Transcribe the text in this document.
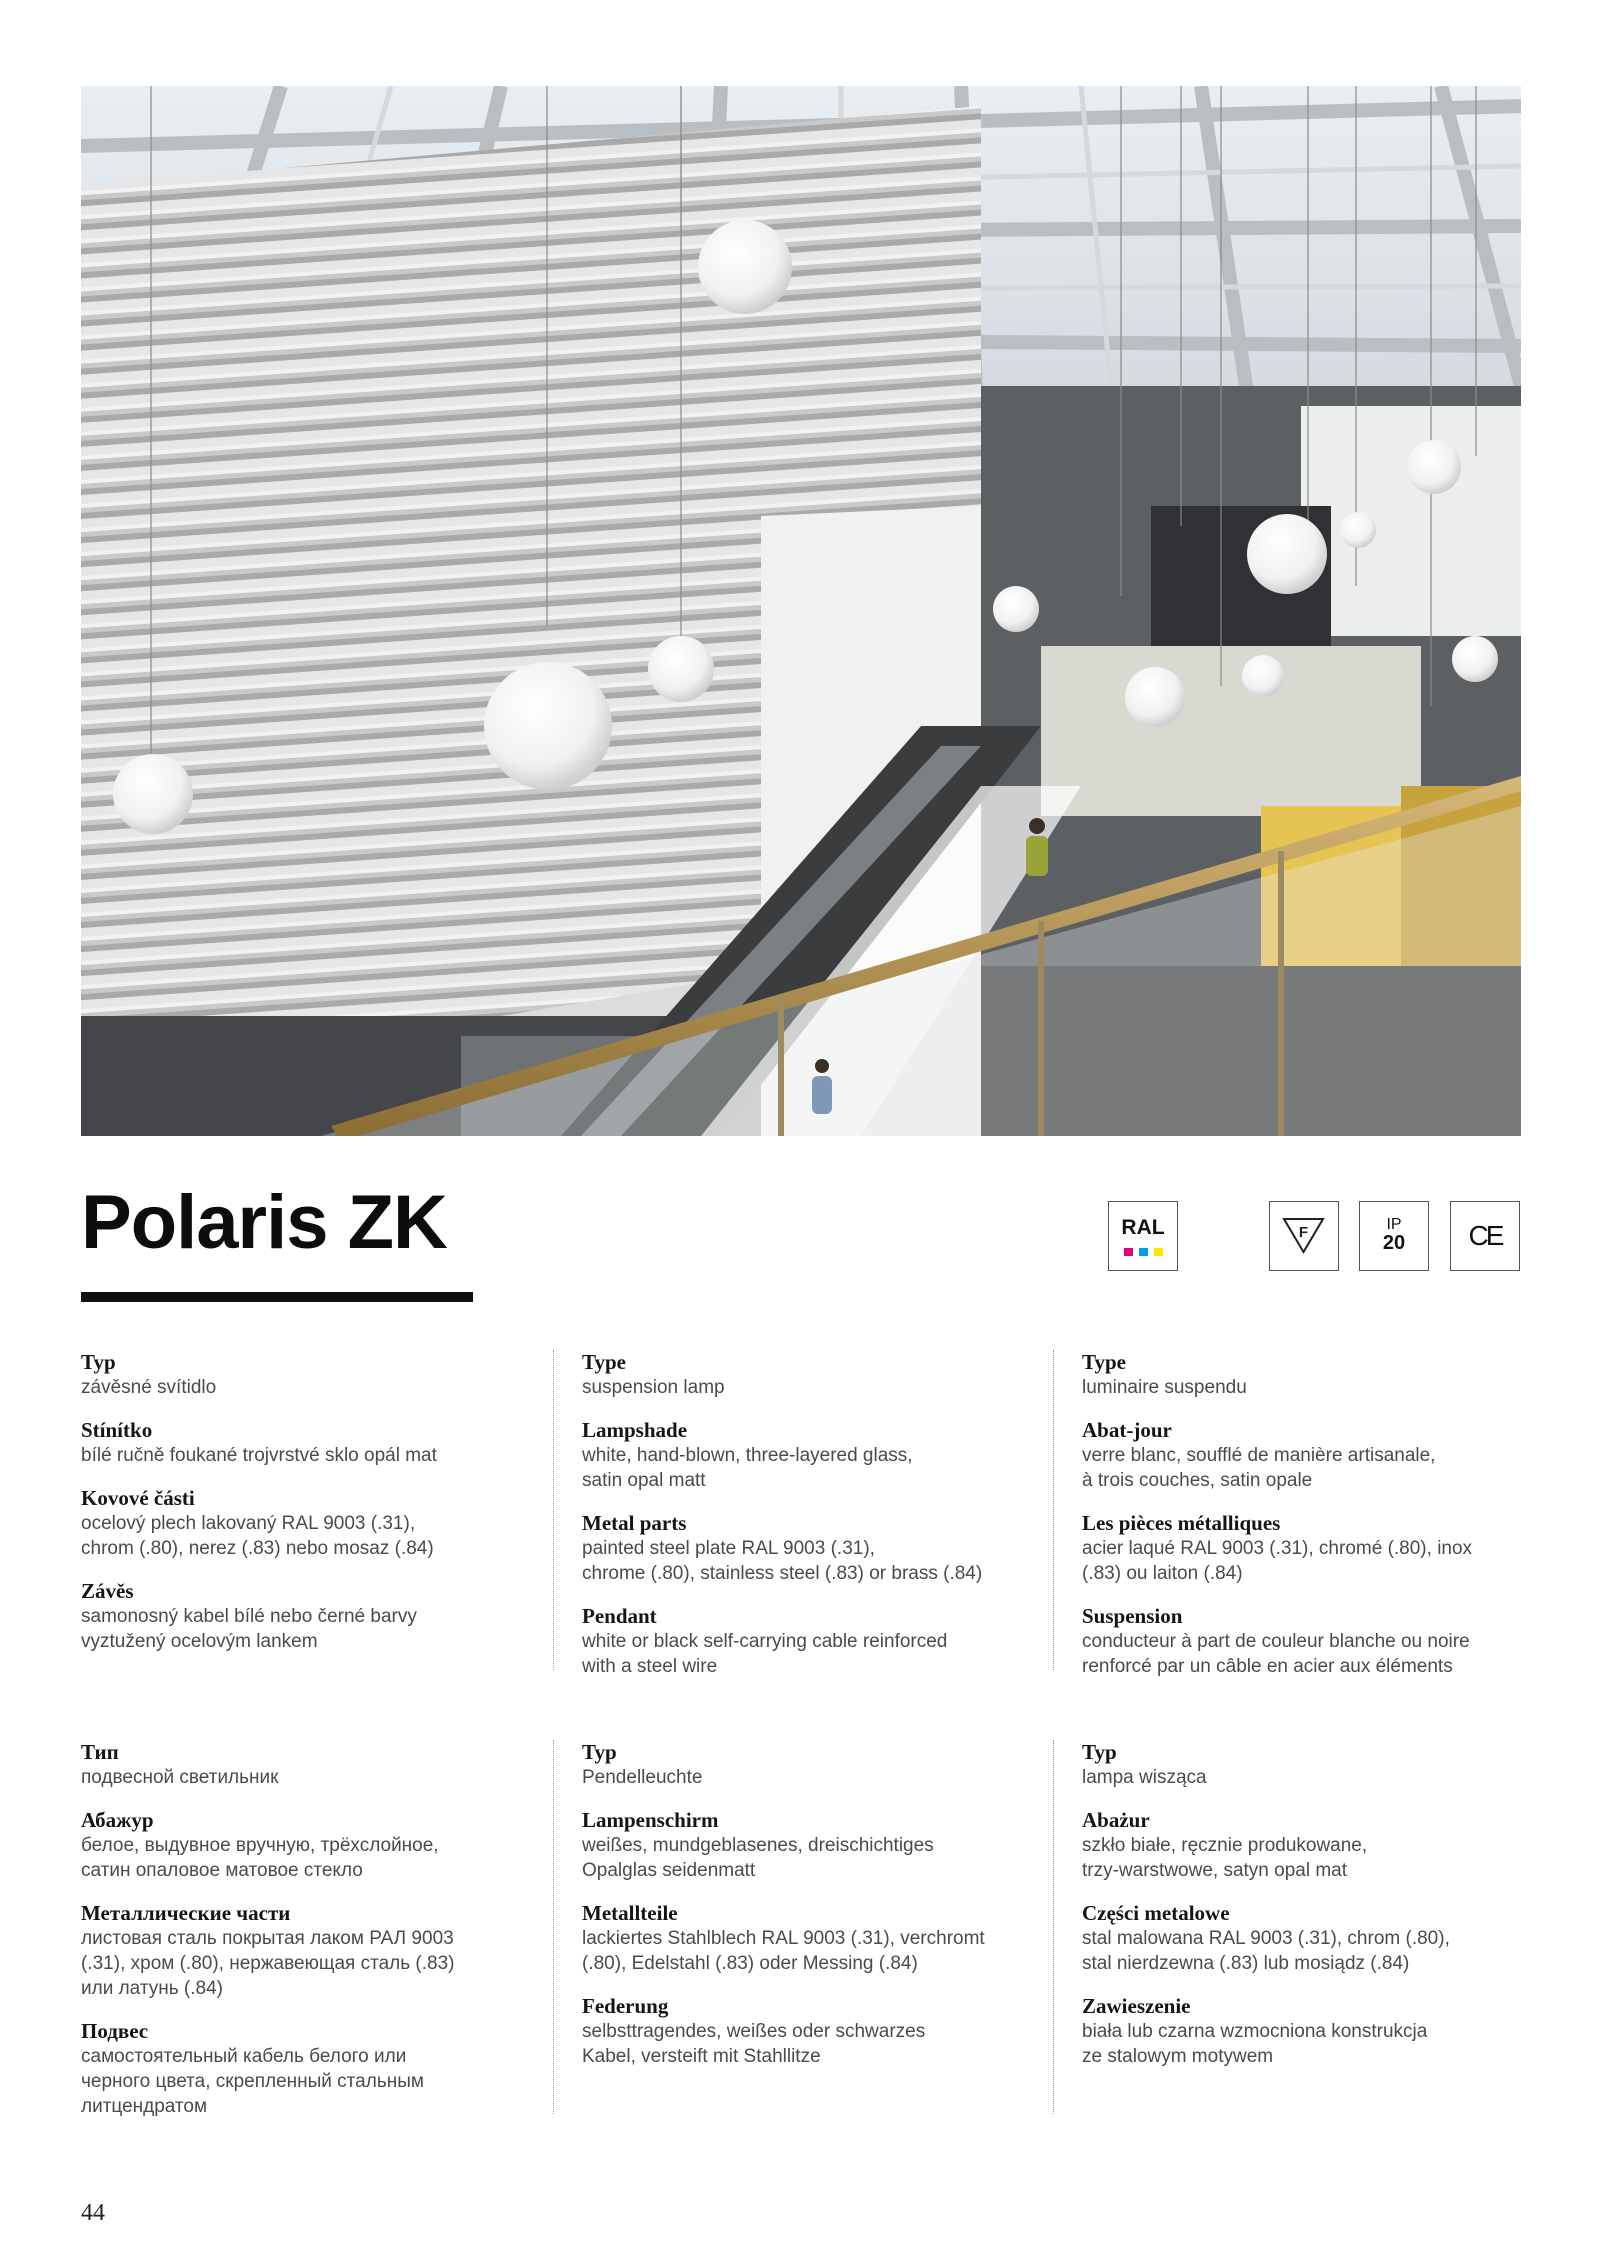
Polaris ZK	RAL	F	IP
20	CE
Typ
závěsné svítidlo
Stínítko
bílé ručně foukané trojvrstvé sklo opál mat
Kovové části
ocelový plech lakovaný RAL 9003 (.31),
chrom (.80), nerez (.83) nebo mosaz (.84)
Závěs
samonosný kabel bílé nebo černé barvy
vyztužený ocelovým lankem
Type
suspension lamp
Lampshade
white, hand-blown, three-layered glass,
satin opal matt
Metal parts
painted steel plate RAL 9003 (.31),
chrome (.80), stainless steel (.83) or brass (.84)
Pendant
white or black self-carrying cable reinforced
with a steel wire
Type
luminaire suspendu
Abat-jour
verre blanc, soufflé de manière artisanale,
à trois couches, satin opale
Les pièces métalliques
acier laqué RAL 9003 (.31), chromé (.80), inox
(.83) ou laiton (.84)
Suspension
conducteur à part de couleur blanche ou noire
renforcé par un câble en acier aux éléments
Тип
подвесной светильник
Абажур
белое, выдувное вручную, трёхслойное,
сатин опаловое матовое стекло
Металлические части
листовая сталь покрытая лаком РАЛ 9003
(.31), хром (.80), нержавеющая сталь (.83)
или латунь (.84)
Подвес
самостоятельный кабель белого или
черного цвета, скрепленный стальным
литцендратом
Typ
Pendelleuchte
Lampenschirm
weißes, mundgeblasenes, dreischichtiges
Opalglas seidenmatt
Metallteile
lackiertes Stahlblech RAL 9003 (.31), verchromt
(.80), Edelstahl (.83) oder Messing (.84)
Federung
selbsttragendes, weißes oder schwarzes
Kabel, versteift mit Stahllitze
Typ
lampa wisząca
Abażur
szkło białe, ręcznie produkowane,
trzy-warstwowe, satyn opal mat
Części metalowe
stal malowana RAL 9003 (.31), chrom (.80),
stal nierdzewna (.83) lub mosiądz (.84)
Zawieszenie
biała lub czarna wzmocniona konstrukcja
ze stalowym motywem
44
